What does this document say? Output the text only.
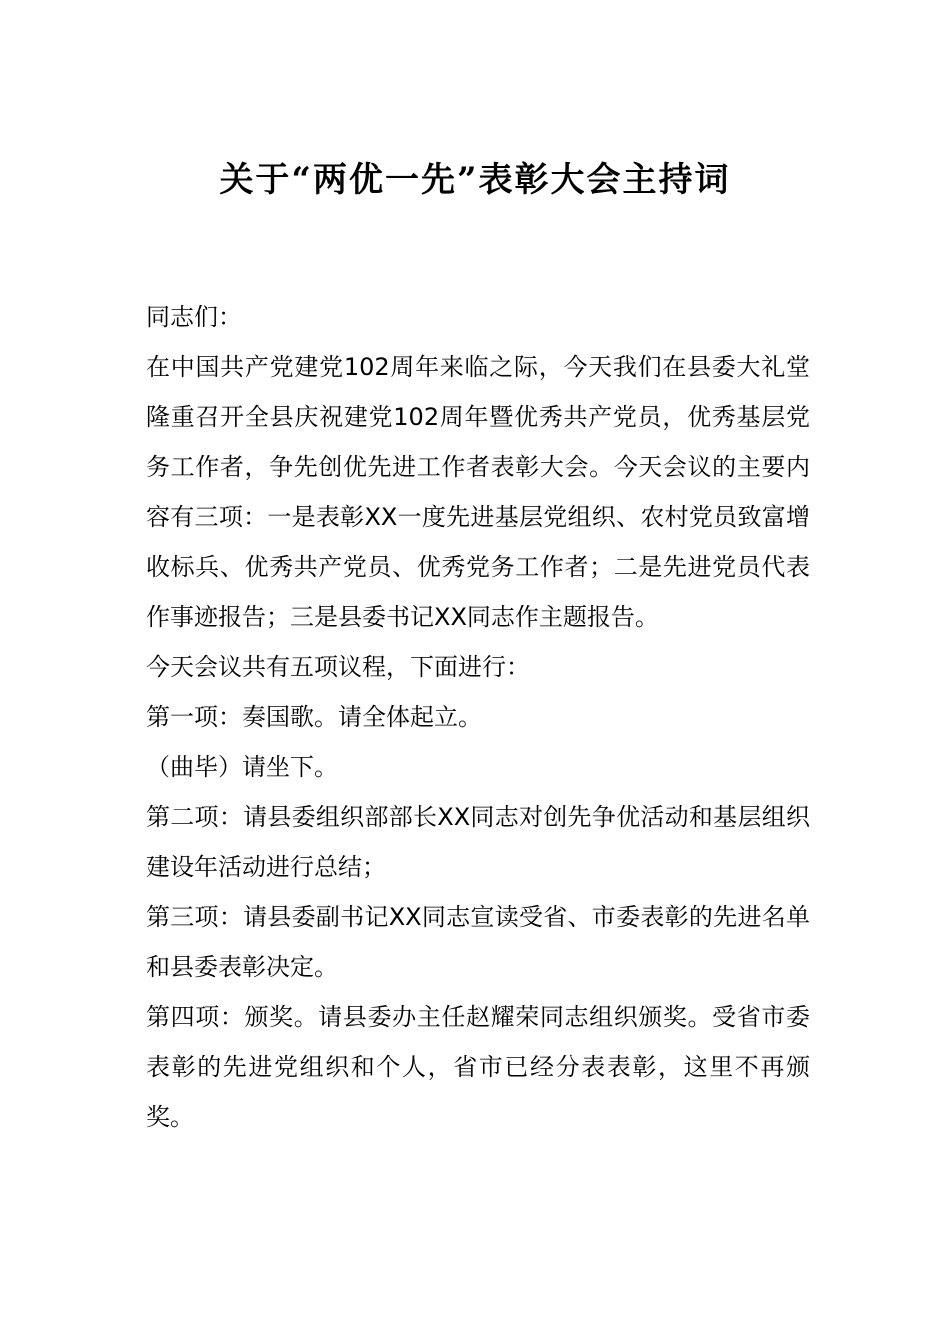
关于“两优一先”表彰大会主持词

同志们：

在中国共产党建党102周年来临之际，今天我们在县委大礼堂隆重召开全县庆祝建党102周年暨优秀共产党员，优秀基层党务工作者，争先创优先进工作者表彰大会。今天会议的主要内容有三项：一是表彰XX一度先进基层党组织、农村党员致富增收标兵、优秀共产党员、优秀党务工作者；二是先进党员代表作事迹报告；三是县委书记XX同志作主题报告。

今天会议共有五项议程，下面进行：

第一项：奏国歌。请全体起立。

（曲毕）请坐下。

第二项：请县委组织部部长XX同志对创先争优活动和基层组织建设年活动进行总结；

第三项：请县委副书记XX同志宣读受省、市委表彰的先进名单和县委表彰决定。

第四项：颁奖。请县委办主任赵耀荣同志组织颁奖。受省市委表彰的先进党组织和个人，省市已经分表表彰，这里不再颁奖。
